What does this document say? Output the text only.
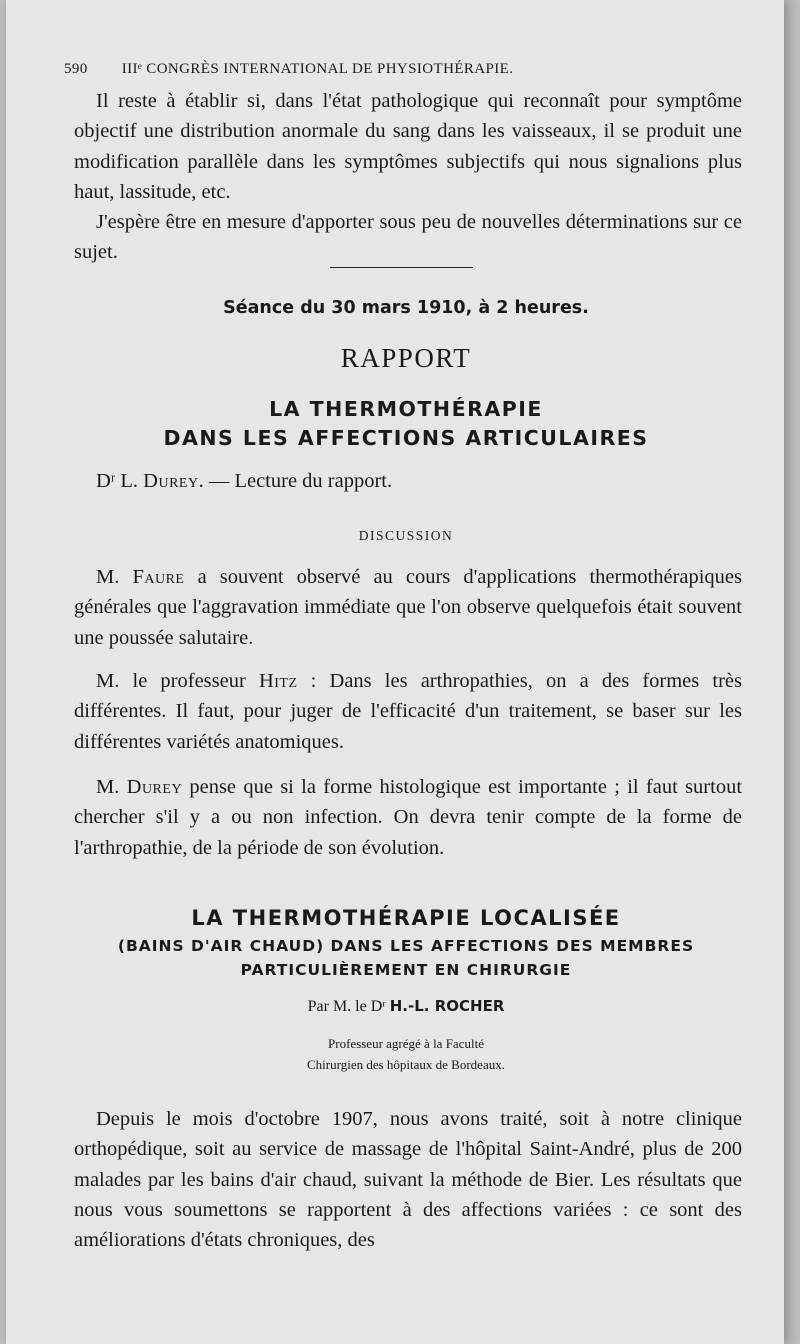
590 IIIᵉ CONGRÈS INTERNATIONAL DE PHYSIOTHÉRAPIE.

Il reste à établir si, dans l'état pathologique qui reconnaît pour symptôme objectif une distribution anormale du sang dans les vaisseaux, il se produit une modification parallèle dans les symptômes subjectifs qui nous signalions plus haut, lassitude, etc.

J'espère être en mesure d'apporter sous peu de nouvelles déterminations sur ce sujet.

Séance du 30 mars 1910, à 2 heures.
RAPPORT
LA THERMOTHÉRAPIE
DANS LES AFFECTIONS ARTICULAIRES
Dʳ L. Durey. — Lecture du rapport.
DISCUSSION

M. Faure a souvent observé au cours d'applications thermothérapiques générales que l'aggravation immédiate que l'on observe quelquefois était souvent une poussée salutaire.

M. le professeur Hitz : Dans les arthropathies, on a des formes très différentes. Il faut, pour juger de l'efficacité d'un traitement, se baser sur les différentes variétés anatomiques.

M. Durey pense que si la forme histologique est importante ; il faut surtout chercher s'il y a ou non infection. On devra tenir compte de la forme de l'arthropathie, de la période de son évolution.

LA THERMOTHÉRAPIE LOCALISÉE
(BAINS D'AIR CHAUD) DANS LES AFFECTIONS DES MEMBRES
PARTICULIÈREMENT EN CHIRURGIE
Par M. le Dʳ H.-L. ROCHER
Professeur agrégé à la Faculté
Chirurgien des hôpitaux de Bordeaux.

Depuis le mois d'octobre 1907, nous avons traité, soit à notre clinique orthopédique, soit au service de massage de l'hôpital Saint-André, plus de 200 malades par les bains d'air chaud, suivant la méthode de Bier. Les résultats que nous vous soumettons se rapportent à des affections variées : ce sont des améliorations d'états chroniques, des
